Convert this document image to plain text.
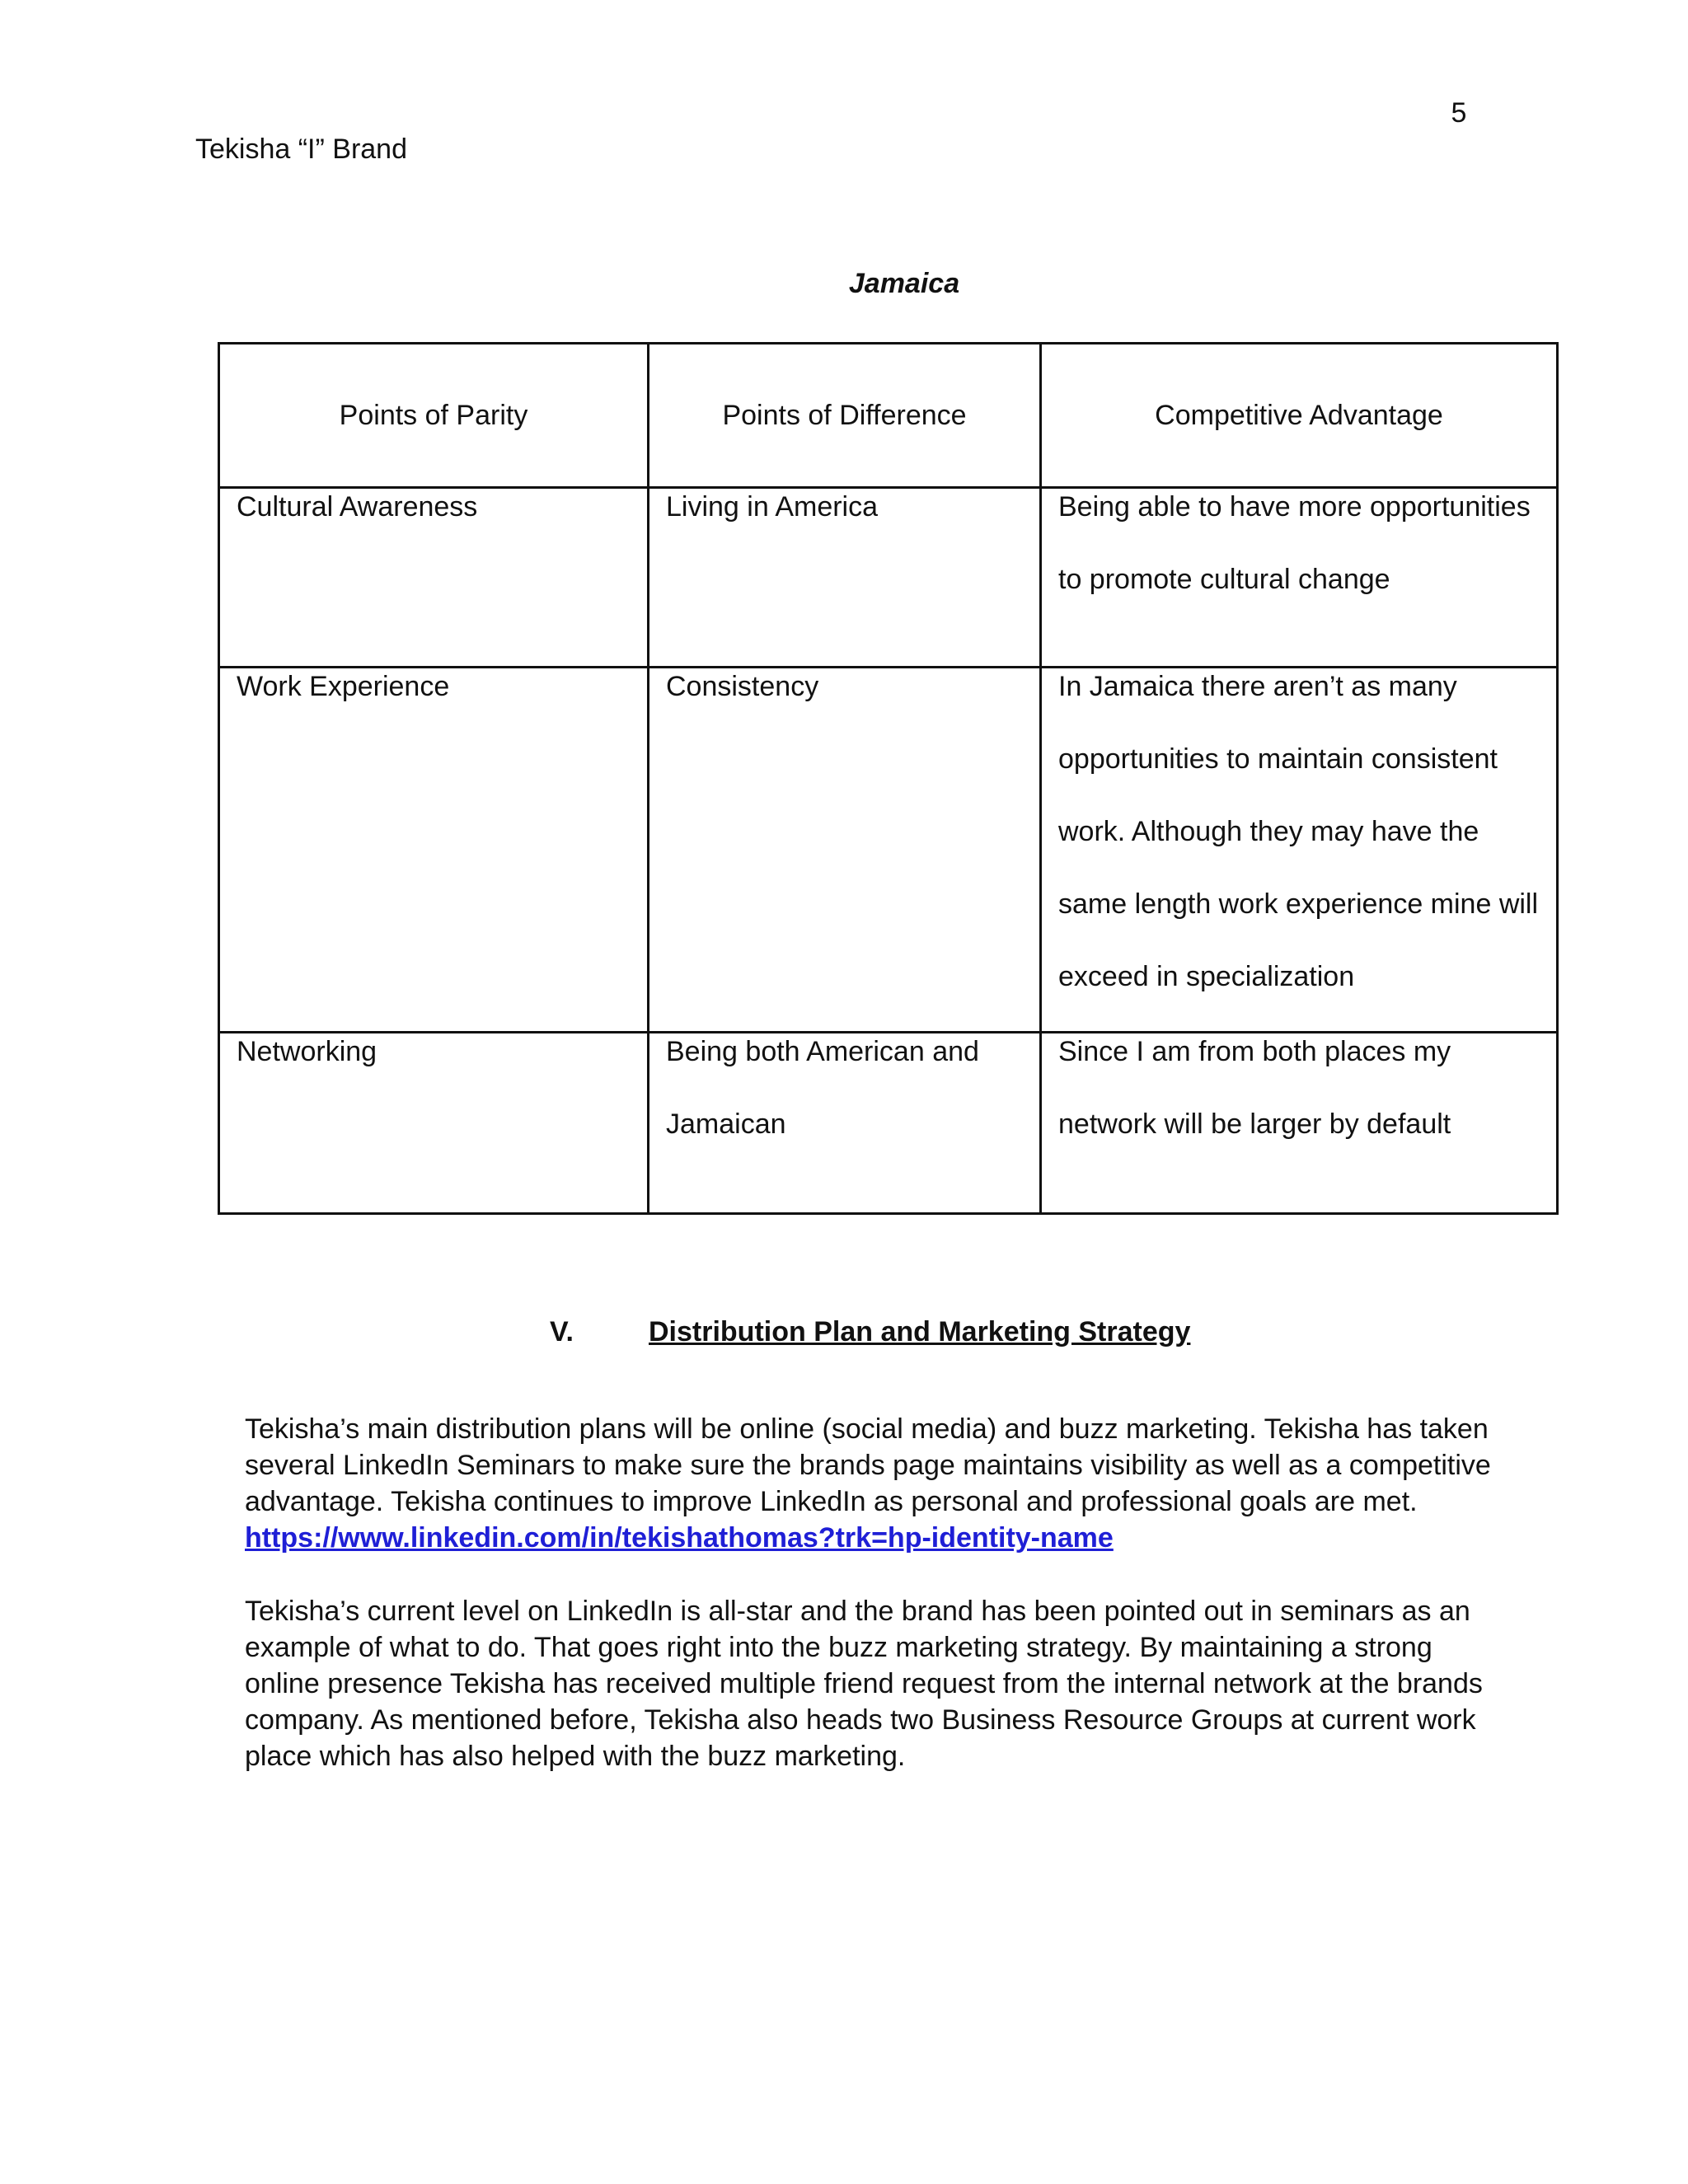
5
Tekisha “I” Brand
Jamaica
Points of Parity	Points of Difference	Competitive Advantage

Cultural Awareness	Living in America	Being able to have more opportunities to promote cultural change

Work Experience	Consistency	In Jamaica there aren’t as many opportunities to maintain consistent work. Although they may have the same length work experience mine will exceed in specialization

Networking	Being both American and Jamaican	Since I am from both places my network will be larger by default
V.	Distribution Plan and Marketing Strategy

Tekisha’s main distribution plans will be online (social media) and buzz marketing. Tekisha has taken several LinkedIn Seminars to make sure the brands page maintains visibility as well as a competitive advantage. Tekisha continues to improve LinkedIn as personal and professional goals are met.

https://www.linkedin.com/in/tekishathomas?trk=hp-identity-name

Tekisha’s current level on LinkedIn is all-star and the brand has been pointed out in seminars as an example of what to do. That goes right into the buzz marketing strategy. By maintaining a strong online presence Tekisha has received multiple friend request from the internal network at the brands company. As mentioned before, Tekisha also heads two Business Resource Groups at current work place which has also helped with the buzz marketing.
